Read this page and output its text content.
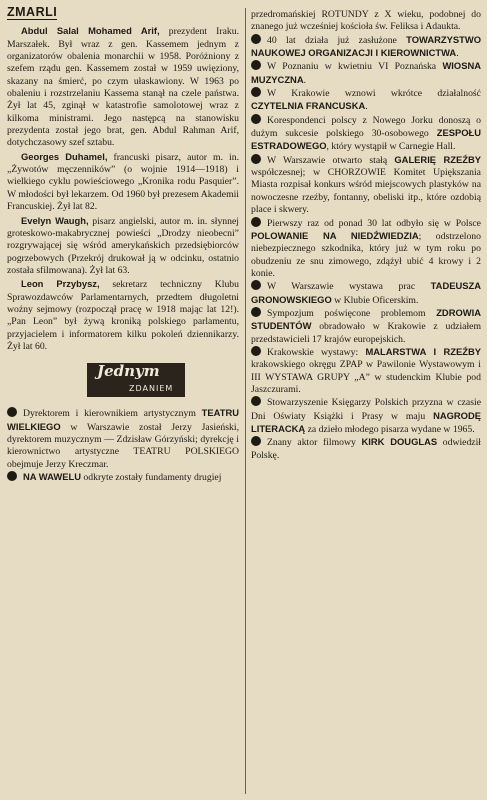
ZMARLI

Abdul Salal Mohamed Arif, prezydent Iraku. Marszałek. Był wraz z gen. Kassemem jednym z organizatorów obalenia monarchii w 1958. Poróżniony z szefem rządu gen. Kassemem został w 1959 uwięziony, skazany na śmierć, po czym ułaskawiony. W 1963 po obaleniu i rozstrzelaniu Kassema stanął na czele państwa. Żył lat 45, zginął w katastrofie samolotowej wraz z kilkoma ministrami. Jego następcą na stanowisku prezydenta został jego brat, gen. Abdul Rahman Arif, dotychczasowy szef sztabu.

Georges Duhamel, francuski pisarz, autor m. in. „Żywotów męczenników” (o wojnie 1914—1918) i wielkiego cyklu powieściowego „Kronika rodu Pasquier”. W młodości był lekarzem. Od 1960 był prezesem Akademii Francuskiej. Żył lat 82.

Evelyn Waugh, pisarz angielski, autor m. in. słynnej groteskowo-makabrycznej powieści „Drodzy nieobecni” rozgrywającej się wśród amerykańskich przedsiębiorców pogrzebowych (Przekrój drukował ją w odcinku, ostatnio została sfilmowana). Żył lat 63.

Leon Przybysz, sekretarz techniczny Klubu Sprawozdawców Parlamentarnych, przedtem długoletni woźny sejmowy (rozpoczął pracę w 1918 mając lat 12!). „Pan Leon” był żywą kroniką polskiego parlamentu, przyjacielem i informatorem kilku pokoleń dziennikarzy. Żył lat 60.

Jednym
ZDANIEM

Dyrektorem i kierownikiem artystycznym TEATRU WIELKIEGO w Warszawie został Jerzy Jasieński, dyrektorem muzycznym — Zdzisław Górzyński; dyrekcję i kierownictwo artystyczne TEATRU POLSKIEGO obejmuje Jerzy Kreczmar.

NA WAWELU odkryte zostały fundamenty drugiej

przedromańskiej ROTUNDY z X wieku, podobnej do znanego już wcześniej kościoła św. Feliksa i Adaukta.

40 lat działa już zasłużone TOWARZYSTWO NAUKOWEJ ORGANIZACJI I KIEROWNICTWA.

W Poznaniu w kwietniu VI Poznańska WIOSNA MUZYCZNA.

W Krakowie wznowi wkrótce działalność CZYTELNIA FRANCUSKA.

Korespondenci polscy z Nowego Jorku donoszą o dużym sukcesie polskiego 30-osobowego ZESPOŁU ESTRADOWEGO, który wystąpił w Carnegie Hall.

W Warszawie otwarto stałą GALERIĘ RZEŹBY współczesnej; w CHORZOWIE Komitet Upiększania Miasta rozpisał konkurs wśród miejscowych plastyków na nowoczesne rzeźby, fontanny, obeliski itp., które ozdobią place i skwery.

Pierwszy raz od ponad 30 lat odbyło się w Polsce POLOWANIE NA NIEDŹWIEDZIA; odstrzelono niebezpiecznego szkodnika, który już w tym roku po obudzeniu ze snu zimowego, zdążył ubić 4 krowy i 2 konie.

W Warszawie wystawa prac TADEUSZA GRONOWSKIEGO w Klubie Oficerskim.

Sympozjum poświęcone problemom ZDROWIA STUDENTÓW obradowało w Krakowie z udziałem przedstawicieli 17 krajów europejskich.

Krakowskie wystawy: MALARSTWA I RZEŹBY krakowskiego okręgu ZPAP w Pawilonie Wystawowym i III WYSTAWA GRUPY „A” w studenckim Klubie pod Jaszczurami.

Stowarzyszenie Księgarzy Polskich przyzna w czasie Dni Oświaty Książki i Prasy w maju NAGRODĘ LITERACKĄ za dzieło młodego pisarza wydane w 1965.

Znany aktor filmowy KIRK DOUGLAS odwiedził Polskę.
